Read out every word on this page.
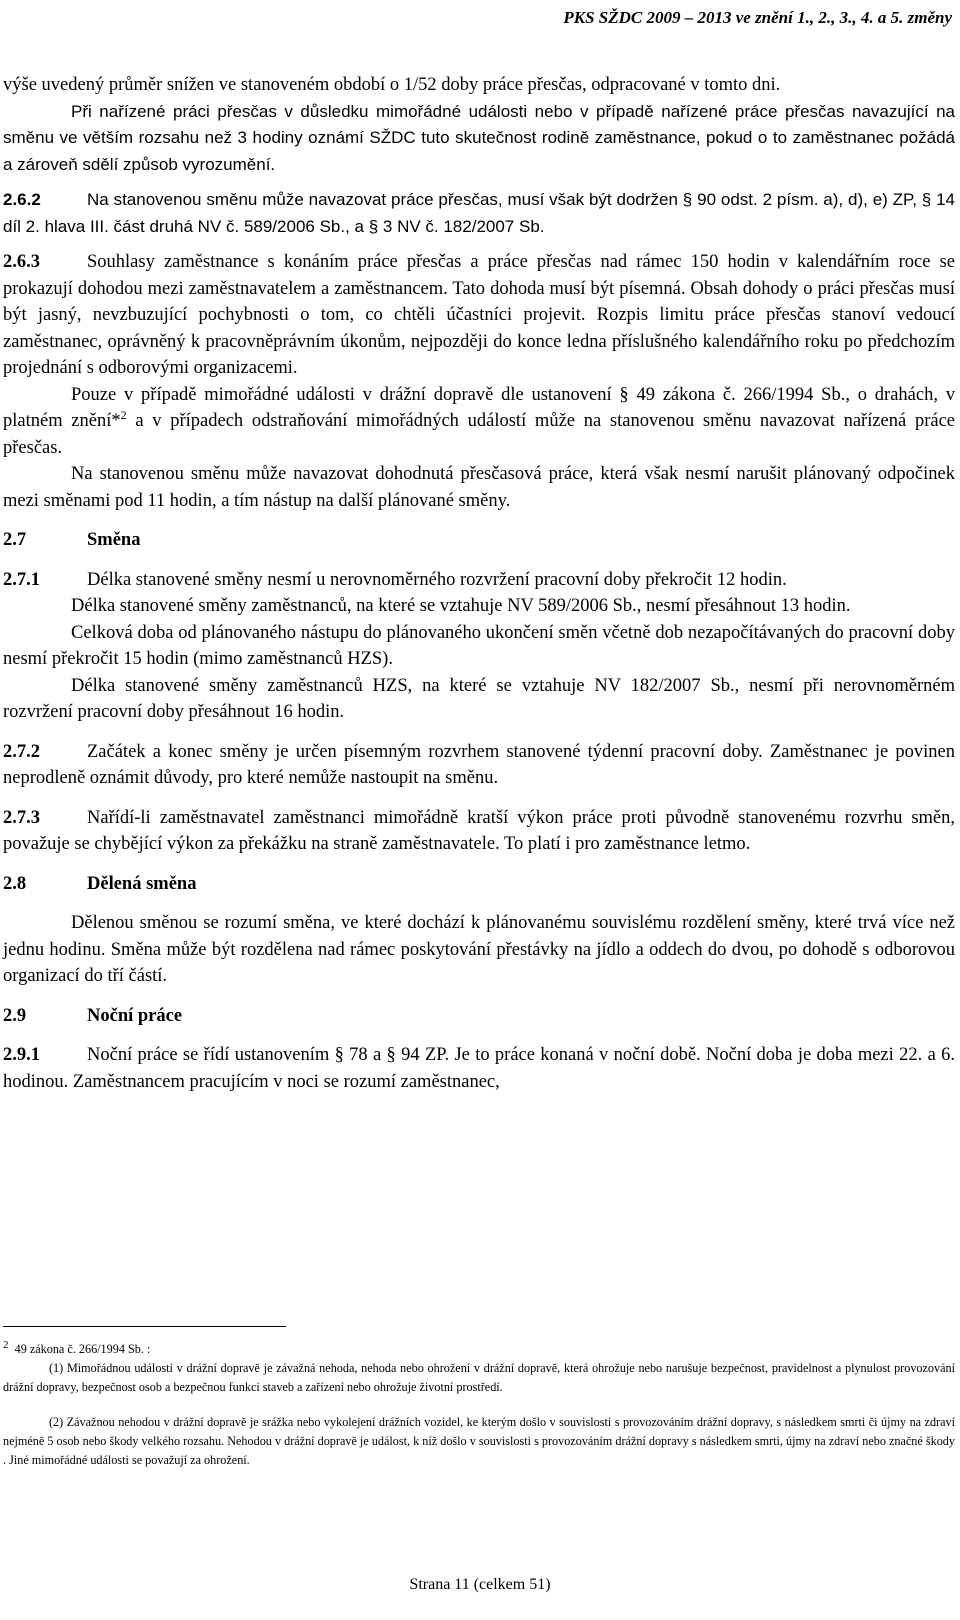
PKS SŽDC 2009 – 2013 ve znění 1., 2., 3., 4. a 5. změny

výše uvedený průměr snížen ve stanoveném období o 1/52 doby práce přesčas, odpracované v tomto dni.

Při nařízené práci přesčas v důsledku mimořádné události nebo v případě nařízené práce přesčas navazující na směnu ve větším rozsahu než 3 hodiny oznámí SŽDC tuto skutečnost rodině zaměstnance, pokud o to zaměstnanec požádá a zároveň sdělí způsob vyrozumění.

2.6.2	Na stanovenou směnu může navazovat práce přesčas, musí však být dodržen § 90 odst. 2 písm. a), d), e) ZP, § 14 díl 2. hlava III. část druhá NV č. 589/2006 Sb., a § 3 NV č. 182/2007 Sb.

2.6.3	Souhlasy zaměstnance s konáním práce přesčas a práce přesčas nad rámec 150 hodin v kalendářním roce se prokazují dohodou mezi zaměstnavatelem a zaměstnancem. Tato dohoda musí být písemná. Obsah dohody o práci přesčas musí být jasný, nevzbuzující pochybnosti o tom, co chtěli účastníci projevit. Rozpis limitu práce přesčas stanoví vedoucí zaměstnanec, oprávněný k pracovněprávním úkonům, nejpozději do konce ledna příslušného kalendářního roku po předchozím projednání s odborovými organizacemi.

Pouze v případě mimořádné události v drážní dopravě dle ustanovení § 49 zákona č. 266/1994 Sb., o drahách, v platném znění*$^2$ a v případech odstraňování mimořádných událostí může na stanovenou směnu navazovat nařízená práce přesčas.

Na stanovenou směnu může navazovat dohodnutá přesčasová práce, která však nesmí narušit plánovaný odpočinek mezi směnami pod 11 hodin, a tím nástup na další plánované směny.

2.7	Směna

2.7.1	Délka stanovené směny nesmí u nerovnoměrného rozvržení pracovní doby překročit 12 hodin.

Délka stanovené směny zaměstnanců, na které se vztahuje NV 589/2006 Sb., nesmí přesáhnout 13 hodin.

Celková doba od plánovaného nástupu do plánovaného ukončení směn včetně dob nezapočítávaných do pracovní doby nesmí překročit 15 hodin (mimo zaměstnanců HZS).

Délka stanovené směny zaměstnanců HZS, na které se vztahuje NV 182/2007 Sb., nesmí při nerovnoměrném rozvržení pracovní doby přesáhnout 16 hodin.

2.7.2	Začátek a konec směny je určen písemným rozvrhem stanovené týdenní pracovní doby. Zaměstnanec je povinen neprodleně oznámit důvody, pro které nemůže nastoupit na směnu.

2.7.3	Nařídí-li zaměstnavatel zaměstnanci mimořádně kratší výkon práce proti původně stanovenému rozvrhu směn, považuje se chybějící výkon za překážku na straně zaměstnavatele. To platí i pro zaměstnance letmo.

2.8	Dělená směna

Dělenou směnou se rozumí směna, ve které dochází k plánovanému souvislému rozdělení směny, které trvá více než jednu hodinu. Směna může být rozdělena nad rámec poskytování přestávky na jídlo a oddech do dvou, po dohodě s odborovou organizací do tří částí.

2.9	Noční práce

2.9.1	Noční práce se řídí ustanovením § 78 a § 94 ZP. Je to práce konaná v noční době. Noční doba je doba mezi 22. a 6. hodinou. Zaměstnancem pracujícím v noci se rozumí zaměstnanec,

$^2$ 49 zákona č. 266/1994 Sb. :

(1) Mimořádnou událostí v drážní dopravě je závažná nehoda, nehoda nebo ohrožení v drážní dopravě, která ohrožuje nebo narušuje bezpečnost, pravidelnost a plynulost provozování drážní dopravy, bezpečnost osob a bezpečnou funkci staveb a zařízení nebo ohrožuje životní prostředí.

(2) Závažnou nehodou v drážní dopravě je srážka nebo vykolejení drážních vozidel, ke kterým došlo v souvislosti s provozováním drážní dopravy, s následkem smrti či újmy na zdraví nejméně 5 osob nebo škody velkého rozsahu. Nehodou v drážní dopravě je událost, k níž došlo v souvislosti s provozováním drážní dopravy s následkem smrti, újmy na zdraví nebo značné škody . Jiné mimořádné události se považují za ohrožení.

Strana 11 (celkem 51)
